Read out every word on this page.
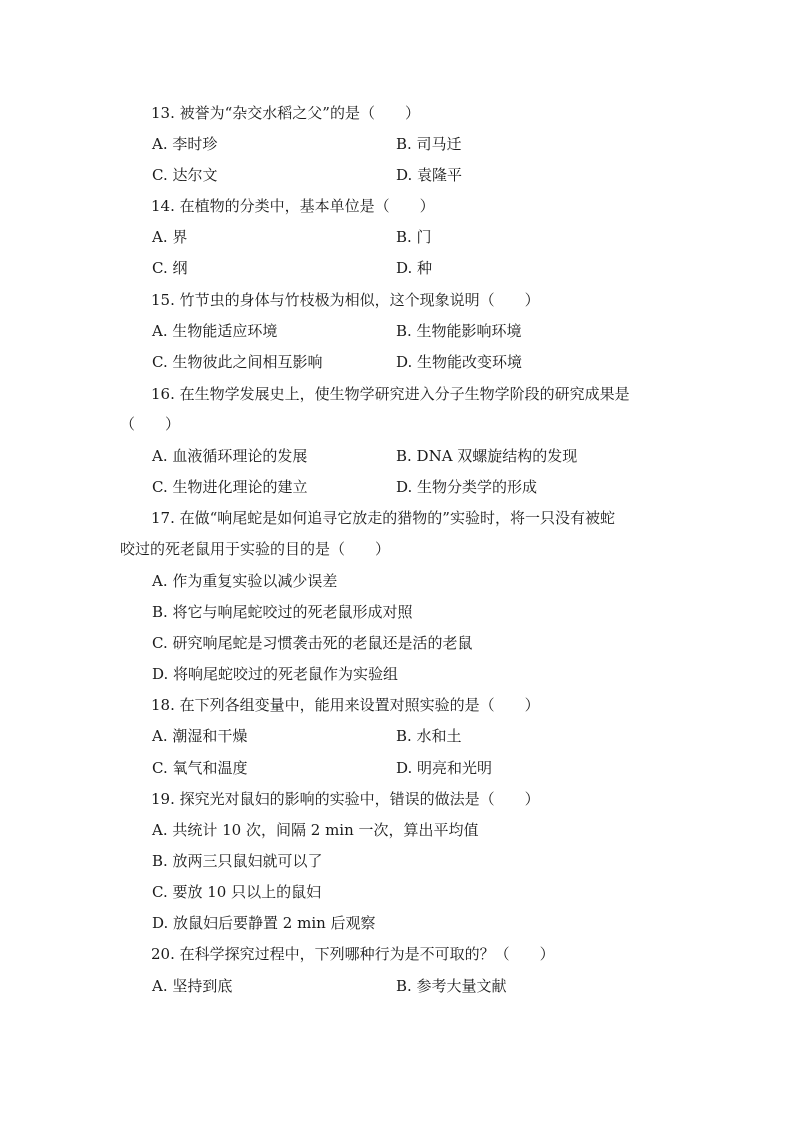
13. 被誉为“杂交水稻之父”的是（　　）
A. 李时珍	B. 司马迁
C. 达尔文	D. 袁隆平
14. 在植物的分类中，基本单位是（　　）
A. 界	B. 门
C. 纲	D. 种
15. 竹节虫的身体与竹枝极为相似，这个现象说明（　　）
A. 生物能适应环境	B. 生物能影响环境
C. 生物彼此之间相互影响	D. 生物能改变环境
16. 在生物学发展史上，使生物学研究进入分子生物学阶段的研究成果是
（　　）
A. 血液循环理论的发展	B. DNA 双螺旋结构的发现
C. 生物进化理论的建立	D. 生物分类学的形成
17. 在做“响尾蛇是如何追寻它放走的猎物的”实验时，将一只没有被蛇
咬过的死老鼠用于实验的目的是（　　）
A. 作为重复实验以减少误差
B. 将它与响尾蛇咬过的死老鼠形成对照
C. 研究响尾蛇是习惯袭击死的老鼠还是活的老鼠
D. 将响尾蛇咬过的死老鼠作为实验组
18. 在下列各组变量中，能用来设置对照实验的是（　　）
A. 潮湿和干燥	B. 水和土
C. 氧气和温度	D. 明亮和光明
19. 探究光对鼠妇的影响的实验中，错误的做法是（　　）
A. 共统计 10 次，间隔 2 min 一次，算出平均值
B. 放两三只鼠妇就可以了
C. 要放 10 只以上的鼠妇
D. 放鼠妇后要静置 2 min 后观察
20. 在科学探究过程中，下列哪种行为是不可取的？（　　）
A. 坚持到底	B. 参考大量文献
